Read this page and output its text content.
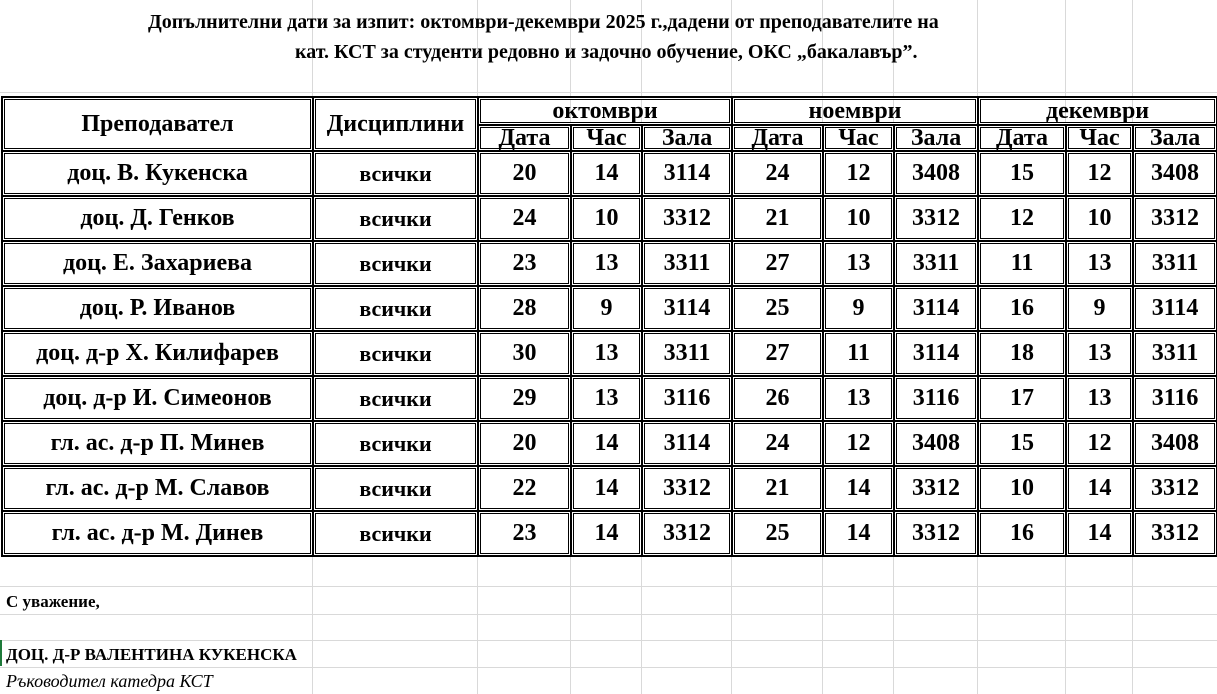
Допълнителни дати за изпит: октомври-декември 2025 г.,дадени от преподавателите на
кат. КСТ за студенти редовно и задочно обучение, ОКС „бакалавър”.
Преподавател	Дисциплини	октомври			ноември			декември		
		Дата	Час	Зала	Дата	Час	Зала	Дата	Час	Зала
доц. В. Кукенска	всички	20	14	3114	24	12	3408	15	12	3408
доц. Д. Генков	всички	24	10	3312	21	10	3312	12	10	3312
доц. Е. Захариева	всички	23	13	3311	27	13	3311	11	13	3311
доц. Р. Иванов	всички	28	9	3114	25	9	3114	16	9	3114
доц. д-р Х. Килифарев	всички	30	13	3311	27	11	3114	18	13	3311
доц. д-р И. Симеонов	всички	29	13	3116	26	13	3116	17	13	3116
гл. ас. д-р П. Минев	всички	20	14	3114	24	12	3408	15	12	3408
гл. ас. д-р М. Славов	всички	22	14	3312	21	14	3312	10	14	3312
гл. ас. д-р М. Динев	всички	23	14	3312	25	14	3312	16	14	3312
С уважение,
ДОЦ. Д-Р ВАЛЕНТИНА КУКЕНСКА
Ръководител катедра КСТ
